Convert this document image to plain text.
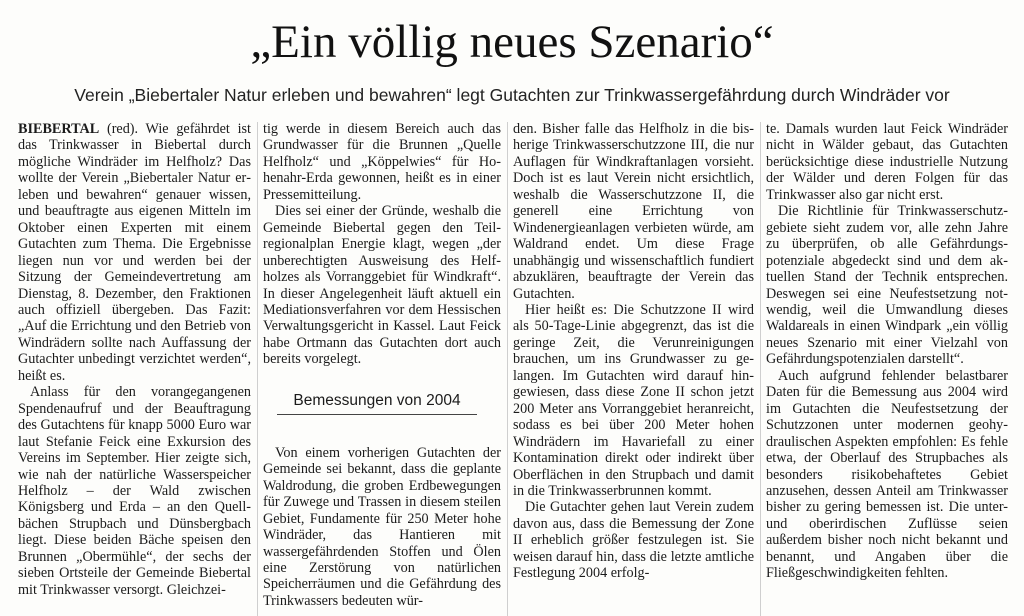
„Ein völlig neues Szenario“
Verein „Biebertaler Natur erleben und bewahren“ legt Gutachten zur Trinkwassergefährdung durch Windräder vor

BIEBERTAL (red). Wie gefährdet ist das Trinkwasser in Biebertal durch mögliche Windräder im Helfholz? Das wollte der Verein „Biebertaler Natur erleben und bewahren“ genauer wissen, und beauftragte aus eigenen Mitteln im Oktober einen Experten mit einem Gutachten zum Thema. Die Ergebnisse liegen nun vor und werden bei der Sitzung der Gemeindevertretung am Dienstag, 8. Dezember, den Fraktionen auch offiziell übergeben. Das Fazit: „Auf die Errichtung und den Betrieb von Windrädern sollte nach Auffassung der Gutachter unbedingt verzichtet werden“, heißt es.

Anlass für den vorangegangenen Spendenaufruf und der Beauftragung des Gutachtens für knapp 5000 Euro war laut Stefanie Feick eine Exkursion des Vereins im September. Hier zeigte sich, wie nah der natürliche Wasserspeicher Helfholz – der Wald zwischen Königsberg und Erda – an den Quellbächen Strupbach und Dünsbergbach liegt. Diese beiden Bäche speisen den Brunnen „Obermühle“, der sechs der sieben Ortsteile der Gemeinde Biebertal mit Trinkwasser versorgt. Gleichzei-

tig werde in diesem Bereich auch das Grundwasser für die Brunnen „Quelle Helfholz“ und „Köppelwies“ für Hohenahr-Erda gewonnen, heißt es in einer Pressemitteilung.

Dies sei einer der Gründe, weshalb die Gemeinde Biebertal gegen den Teilregionalplan Energie klagt, wegen „der unberechtigten Ausweisung des Helfholzes als Vorranggebiet für Windkraft“. In dieser Angelegenheit läuft aktuell ein Mediationsverfahren vor dem Hessischen Verwaltungsgericht in Kassel. Laut Feick habe Ortmann das Gutachten dort auch bereits vorgelegt.

Bemessungen von 2004

Von einem vorherigen Gutachten der Gemeinde sei bekannt, dass die geplante Waldrodung, die groben Erdbewegungen für Zuwege und Trassen in diesem steilen Gebiet, Fundamente für 250 Meter hohe Windräder, das Hantieren mit wassergefährdenden Stoffen und Ölen eine Zerstörung von natürlichen Speicherräumen und die Gefährdung des Trinkwassers bedeuten wür-

den. Bisher falle das Helfholz in die bisherige Trinkwasserschutzzone III, die nur Auflagen für Windkraftanlagen vorsieht. Doch ist es laut Verein nicht ersichtlich, weshalb die Wasserschutzzone II, die generell eine Errichtung von Windenergieanlagen verbieten würde, am Waldrand endet. Um diese Frage unabhängig und wissenschaftlich fundiert abzuklären, beauftragte der Verein das Gutachten.

Hier heißt es: Die Schutzzone II wird als 50-Tage-Linie abgegrenzt, das ist die geringe Zeit, die Verunreinigungen brauchen, um ins Grundwasser zu gelangen. Im Gutachten wird darauf hingewiesen, dass diese Zone II schon jetzt 200 Meter ans Vorranggebiet heranreicht, sodass es bei über 200 Meter hohen Windrädern im Havariefall zu einer Kontamination direkt oder indirekt über Oberflächen in den Strupbach und damit in die Trinkwasserbrunnen kommt.

Die Gutachter gehen laut Verein zudem davon aus, dass die Bemessung der Zone II erheblich größer festzulegen ist. Sie weisen darauf hin, dass die letzte amtliche Festlegung 2004 erfolg-

te. Damals wurden laut Feick Windräder nicht in Wälder gebaut, das Gutachten berücksichtige diese industrielle Nutzung der Wälder und deren Folgen für das Trinkwasser also gar nicht erst.

Die Richtlinie für Trinkwasserschutzgebiete sieht zudem vor, alle zehn Jahre zu überprüfen, ob alle Gefährdungspotenziale abgedeckt sind und dem aktuellen Stand der Technik entsprechen. Deswegen sei eine Neufestsetzung notwendig, weil die Umwandlung dieses Waldareals in einen Windpark „ein völlig neues Szenario mit einer Vielzahl von Gefährdungspotenzialen darstellt“.

Auch aufgrund fehlender belastbarer Daten für die Bemessung aus 2004 wird im Gutachten die Neufestsetzung der Schutzzonen unter modernen geohydraulischen Aspekten empfohlen: Es fehle etwa, der Oberlauf des Strupbaches als besonders risikobehaftetes Gebiet anzusehen, dessen Anteil am Trinkwasser bisher zu gering bemessen ist. Die unter- und oberirdischen Zuflüsse seien außerdem bisher noch nicht bekannt und benannt, und Angaben über die Fließgeschwindigkeiten fehlten.
